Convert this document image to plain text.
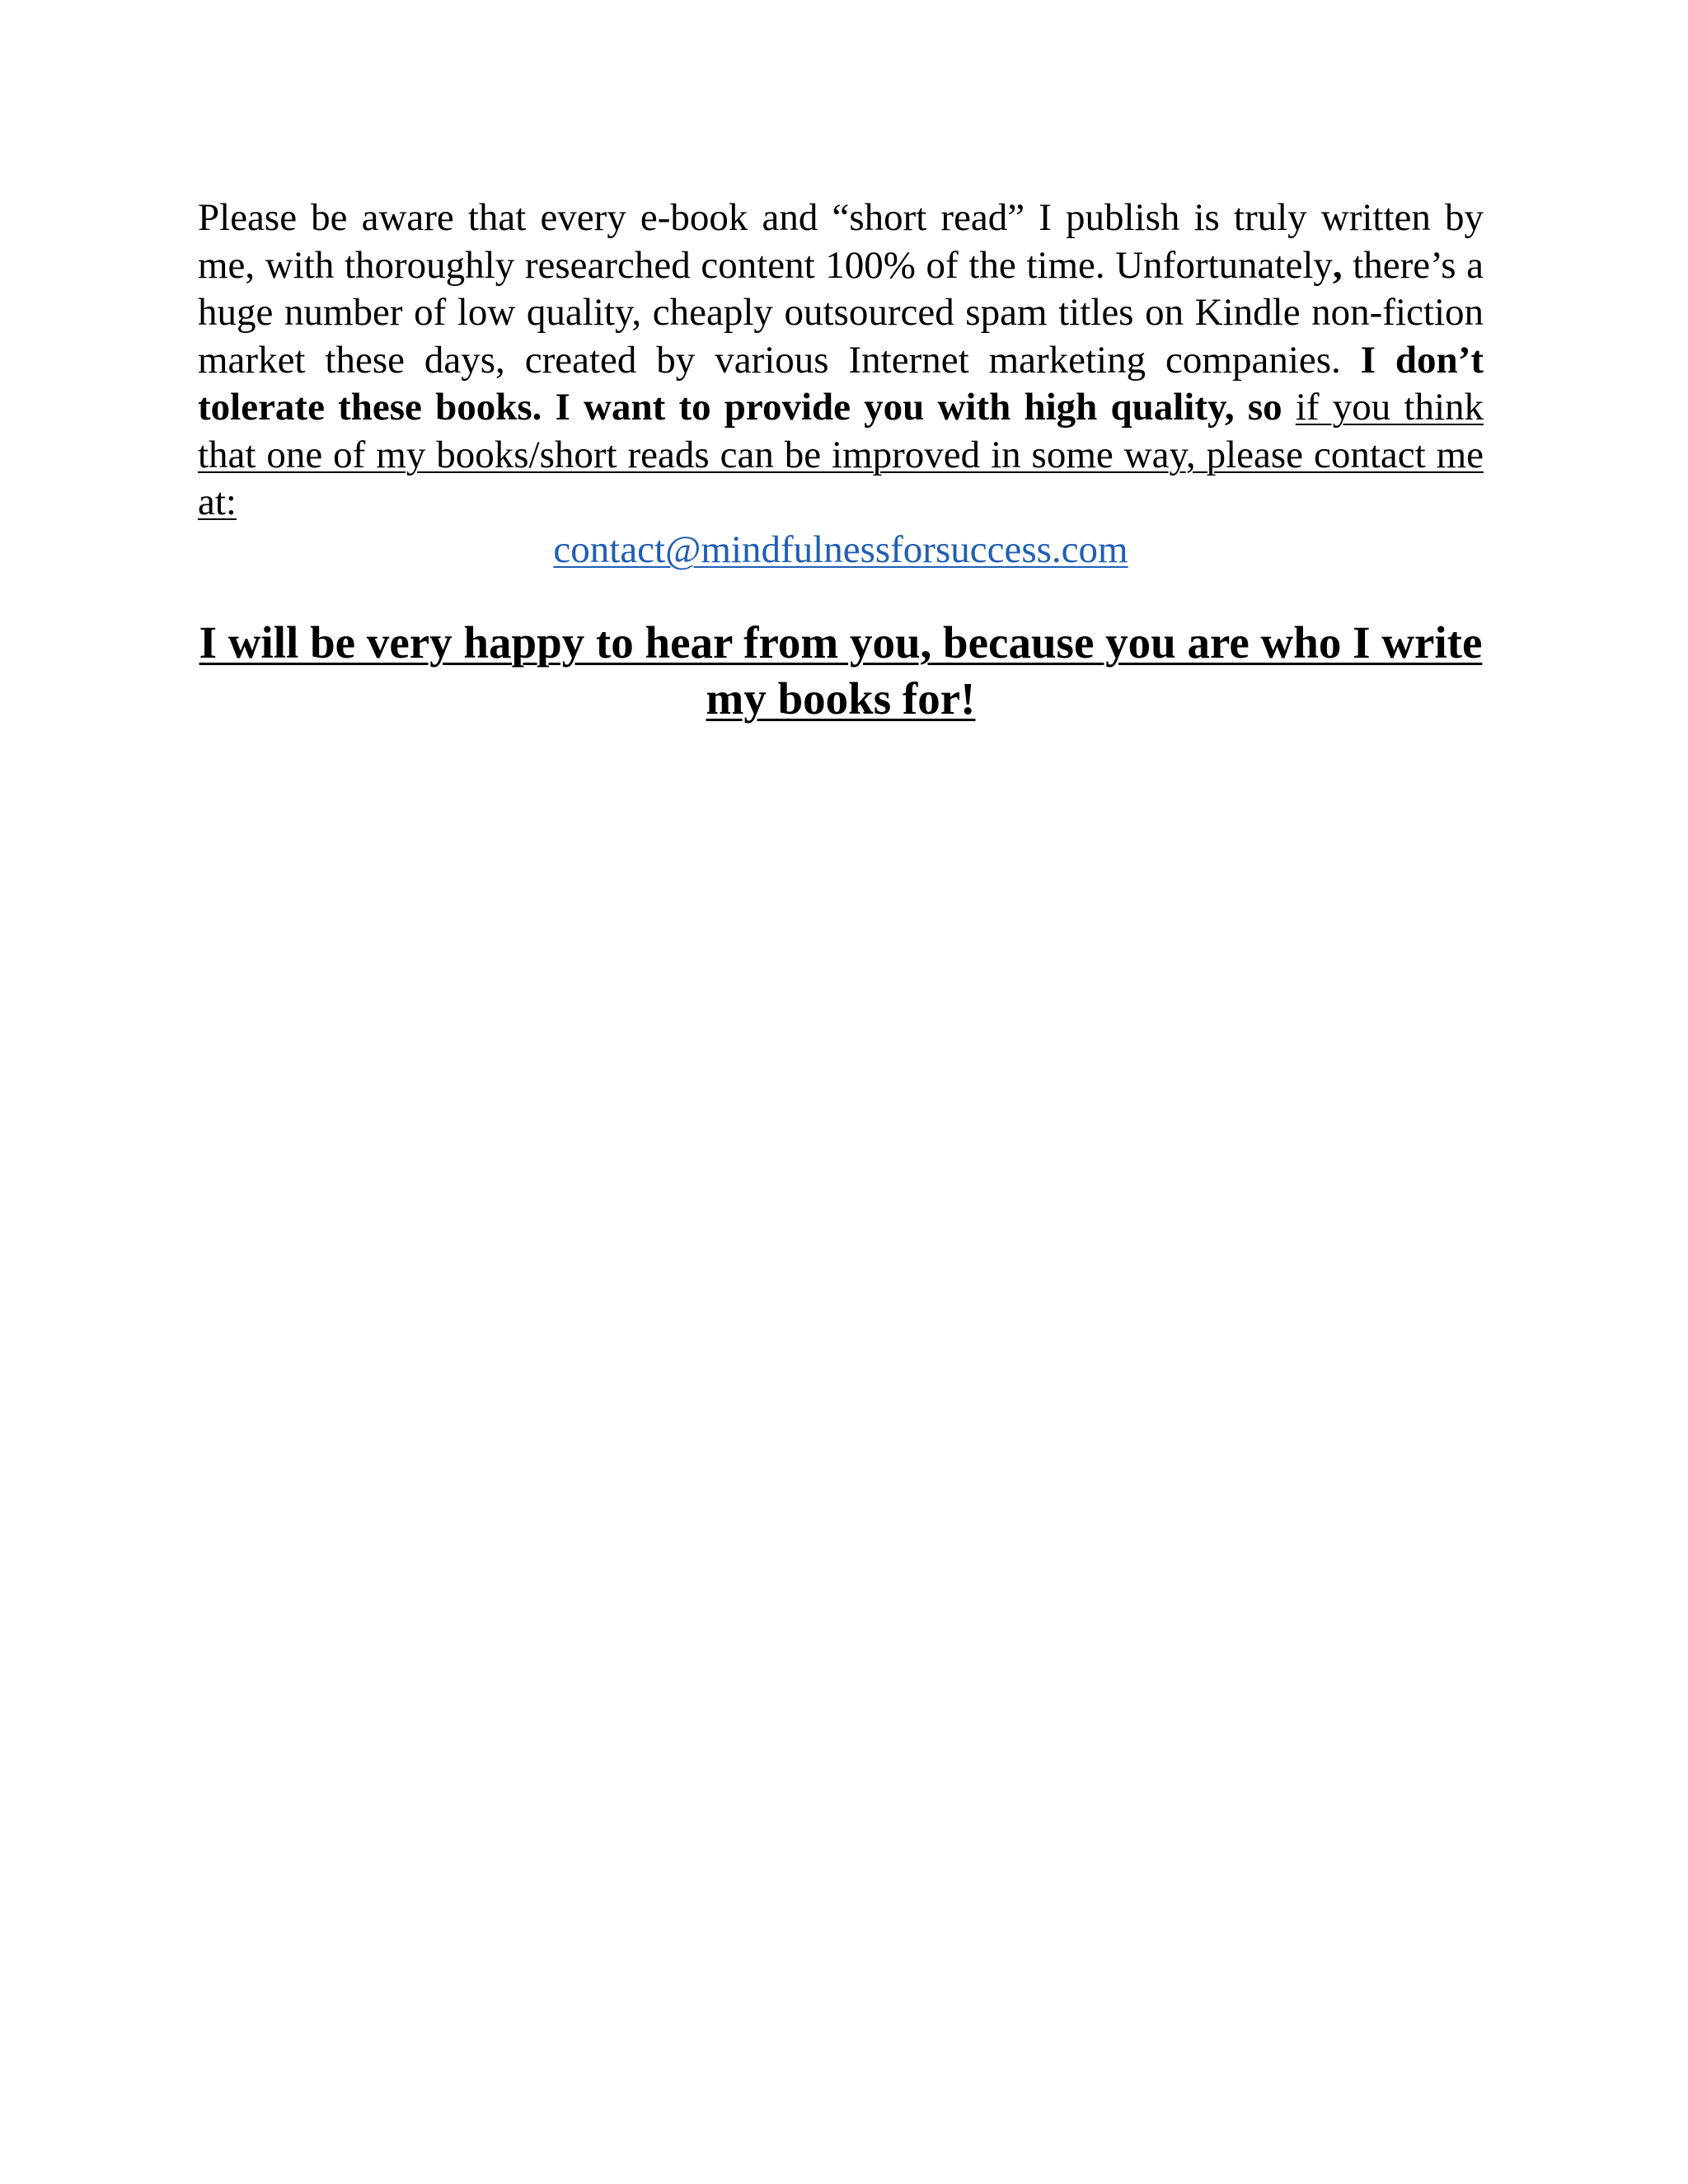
Please be aware that every e-book and “short read” I publish is truly written by me, with thoroughly researched content 100% of the time. Unfortunately, there’s a huge number of low quality, cheaply outsourced spam titles on Kindle non-fiction market these days, created by various Internet marketing companies. I don’t tolerate these books. I want to provide you with high quality, so if you think that one of my books/short reads can be improved in some way, please contact me at:

contact@mindfulnessforsuccess.com

I will be very happy to hear from you, because you are who I write my books for!
